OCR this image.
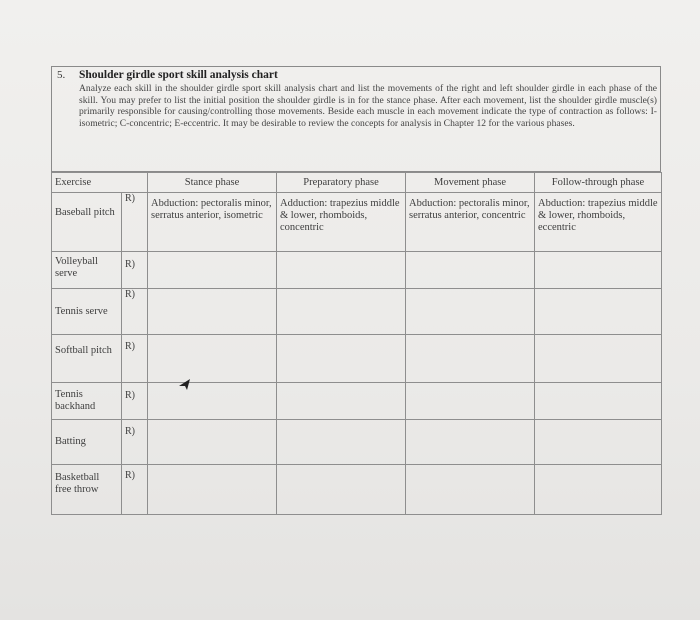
5. Shoulder girdle sport skill analysis chart
Analyze each skill in the shoulder girdle sport skill analysis chart and list the movements of the right and left shoulder girdle in each phase of the skill. You may prefer to list the initial position the shoulder girdle is in for the stance phase. After each movement, list the shoulder girdle muscle(s) primarily responsible for causing/controlling those movements. Beside each muscle in each movement indicate the type of contraction as follows: I-isometric; C-concentric; E-eccentric. It may be desirable to review the concepts for analysis in Chapter 12 for the various phases.
Exercise		Stance phase	Preparatory phase	Movement phase	Follow-through phase
Baseball pitch	R)	Abduction: pectoralis minor, serratus anterior, isometric	Adduction: trapezius middle & lower, rhomboids, concentric	Abduction: pectoralis minor, serratus anterior, concentric	Abduction: trapezius middle & lower, rhomboids, eccentric
Volleyball serve	R)				
Tennis serve	R)				
Softball pitch	R)				
Tennis backhand	R)				
Batting	R)				
Basketball free throw	R)				
